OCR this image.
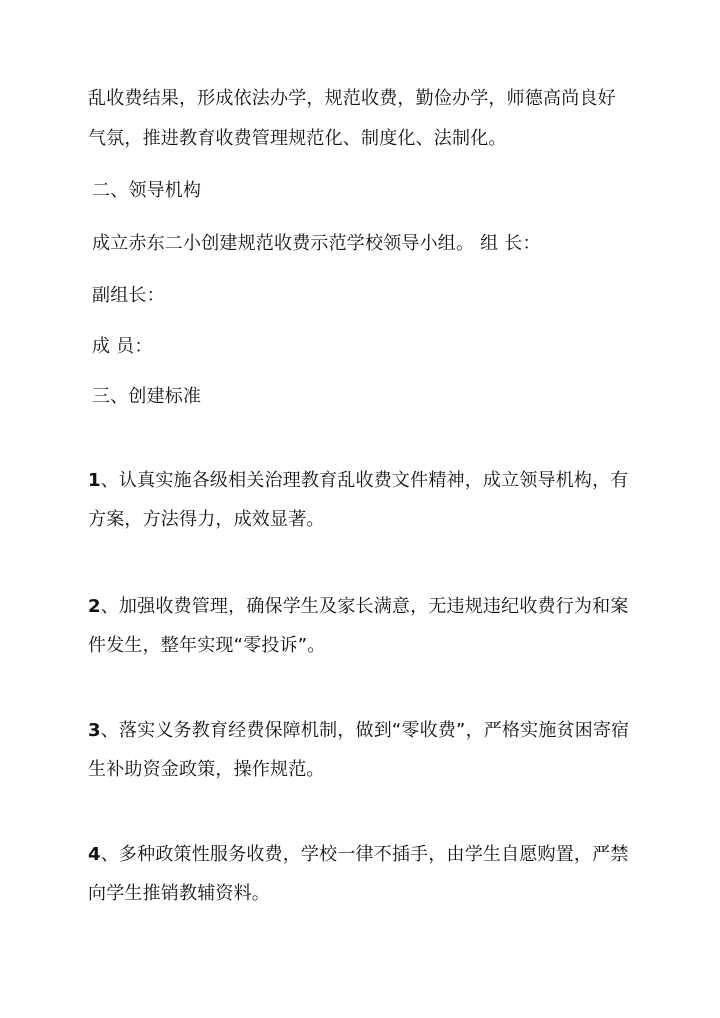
乱收费结果，形成依法办学，规范收费，勤俭办学，师德高尚良好
气氛，推进教育收费管理规范化、制度化、法制化。
二、领导机构
成立赤东二小创建规范收费示范学校领导小组。 组 长：
副组长：
成 员：
三、创建标准
1、认真实施各级相关治理教育乱收费文件精神，成立领导机构，有
方案，方法得力，成效显著。
2、加强收费管理，确保学生及家长满意，无违规违纪收费行为和案
件发生，整年实现“零投诉”。
3、落实义务教育经费保障机制，做到“零收费”，严格实施贫困寄宿
生补助资金政策，操作规范。
4、多种政策性服务收费，学校一律不插手，由学生自愿购置，严禁
向学生推销教辅资料。
